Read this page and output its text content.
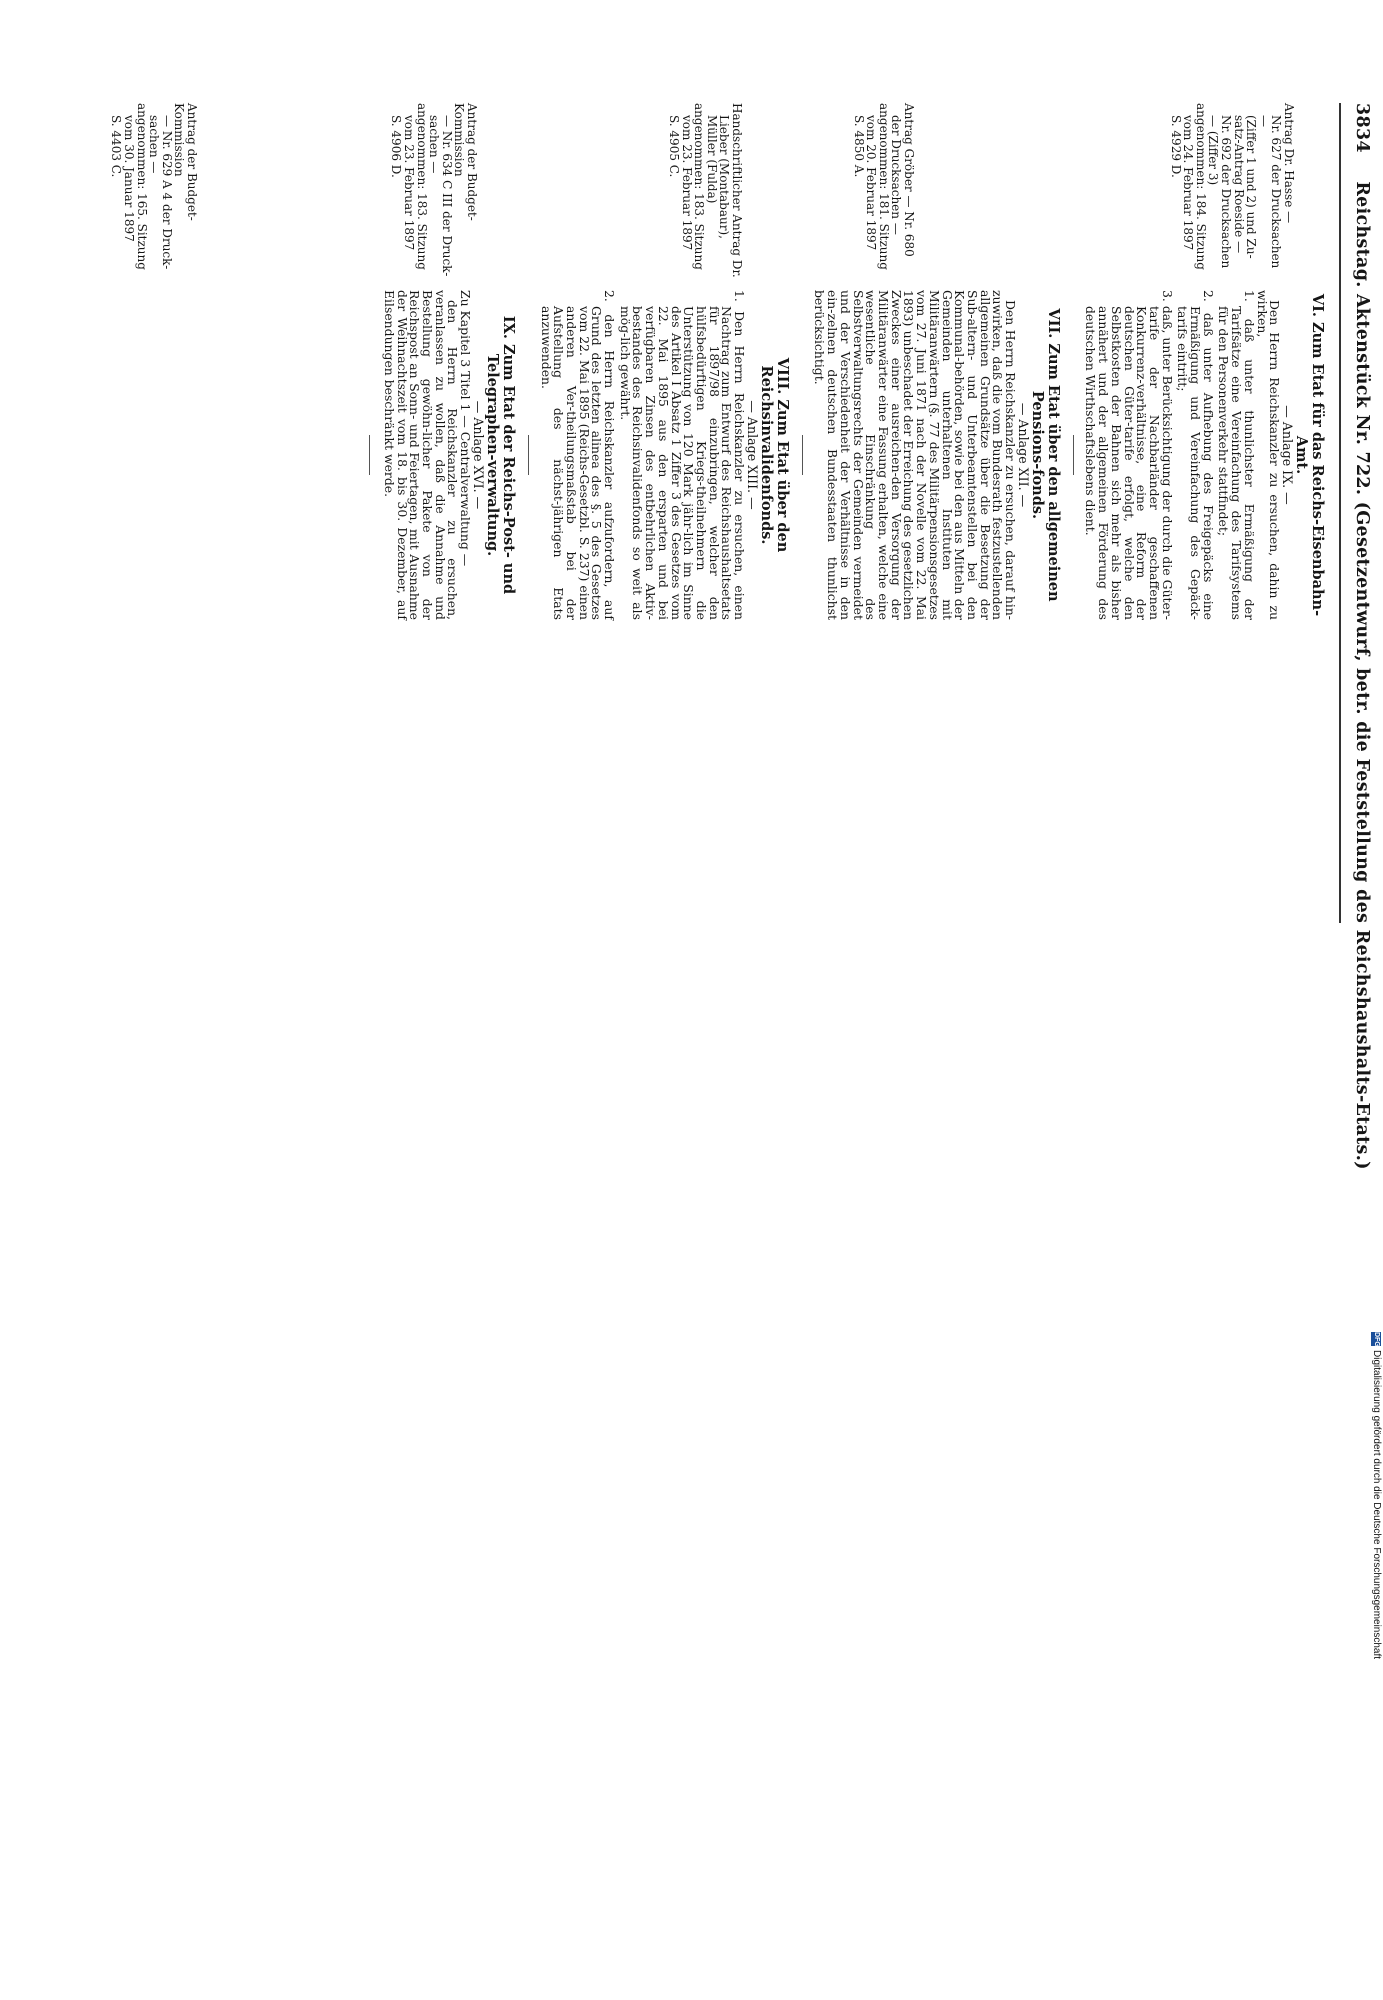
3834 Reichstag. Aktenstück Nr. 722. (Gesetzentwurf, betr. die Feststellung des Reichshaushalts-Etats.)

Antrag Dr. Hasse —

Nr. 627 der Drucksachen —

(Ziffer 1 und 2) und Zu-

satz-Antrag Roeside —

Nr. 692 der Drucksachen

— (Ziffer 3)

angenommen: 184. Sitzung

vom 24. Februar 1897

S. 4929 D.

Antrag Gröber — Nr. 680

der Drucksachen —

angenommen: 181. Sitzung

vom 20. Februar 1897

S. 4850 A.

Handschriftlicher Antrag Dr.

Lieber (Montabaur),

Müller (Fulda)

angenommen: 183. Sitzung

vom 23. Februar 1897

S. 4905 C.

Antrag der Budget-Kommission

— Nr. 634 C III der Druck-

sachen —

angenommen: 183. Sitzung

vom 23. Februar 1897

S. 4906 D.

Antrag der Budget-Kommission

— Nr. 629 A 4 der Druck-

sachen —

angenommen: 165. Sitzung

vom 30. Januar 1897

S. 4403 C.

VI. Zum Etat für das Reichs-Eisenbahn-Amt.

— Anlage IX. —

Den Herrn Reichskanzler zu ersuchen, dahin zu wirken,

1. daß unter thunlichster Ermäßigung der Tarifsätze eine Vereinfachung des Tarifsystems für den Personenverkehr stattfindet;

2. daß unter Aufhebung des Freigepäcks eine Ermäßigung und Vereinfachung des Gepäck-tarifs eintritt;

3. daß, unter Berücksichtigung der durch die Güter-tarife der Nachbarländer geschaffenen Konkurrenz-verhältnisse, eine Reform der deutschen Güter-tarife erfolgt, welche den Selbstkosten der Bahnen sich mehr als bisher annähert und der allgemeinen Förderung des deutschen Wirthschaftslebens dient.

VII. Zum Etat über den allgemeinen Pensions-fonds.

— Anlage XII. —

Den Herrn Reichskanzler zu ersuchen, darauf hin-zuwirken, daß die vom Bundesrath festzustellenden allgemeinen Grundsätze über die Besetzung der Sub-altern- und Unterbeamtenstellen bei den Kommunal-behörden, sowie bei den aus Mitteln der Gemeinden unterhaltenen Instituten mit Militäranwärtern (§. 77 des Militärpensionsgesetzes vom 27. Juni 1871 nach der Novelle vom 22. Mai 1893) unbeschadet der Erreichung des gesetzlichen Zweckes einer ausreichen-den Versorgung der Militäranwärter eine Fassung erhalten, welche eine wesentliche Einschränkung des Selbstverwaltungsrechts der Gemeinden vermeidet und der Verschiedenheit der Verhältnisse in den ein-zelnen deutschen Bundesstaaten thunlichst berücksichtigt.

VIII. Zum Etat über den Reichsinvalidenfonds.

— Anlage XIII. —

1. Den Herrn Reichskanzler zu ersuchen, einen Nachtrag zum Entwurf des Reichshaushaltsetats für 1897/98 einzubringen, welcher den hülfsbedürftigen Kriegs-theilnehmern die Unterstützung von 120 Mark jähr-lich im Sinne des Artikel I Absatz 1 Ziffer 3 des Gesetzes vom 22. Mai 1895 aus den ersparten und bei verfügbaren Zinsen des entbehrlichen Aktiv-bestandes des Reichsinvalidenfonds so weit als mög-lich gewährt.

2. den Herrn Reichskanzler aufzufordern, auf Grund des letzten alinea des §. 5 des Gesetzes vom 22. Mai 1895 (Reichs-Gesetzbl. S. 237) einen anderen Ver-theilungsmaßstab bei der Aufstellung des nächst-jährigen Etats anzuwenden.

IX. Zum Etat der Reichs-Post- und Telegraphen-verwaltung.

— Anlage XVI. —

Zu Kapitel 3 Titel 1 — Centralverwaltung —

den Herrn Reichskanzler zu ersuchen, veranlassen zu wollen, daß die Annahme und Bestellung gewöhn-licher Pakete von der Reichspost an Sonn- und Feiertagen, mit Ausnahme der Weihnachtszeit vom 18. bis 30. Dezember, auf Eilsendungen beschränkt werde.

DFG
Digitalisierung gefördert durch die Deutsche Forschungsgemeinschaft
